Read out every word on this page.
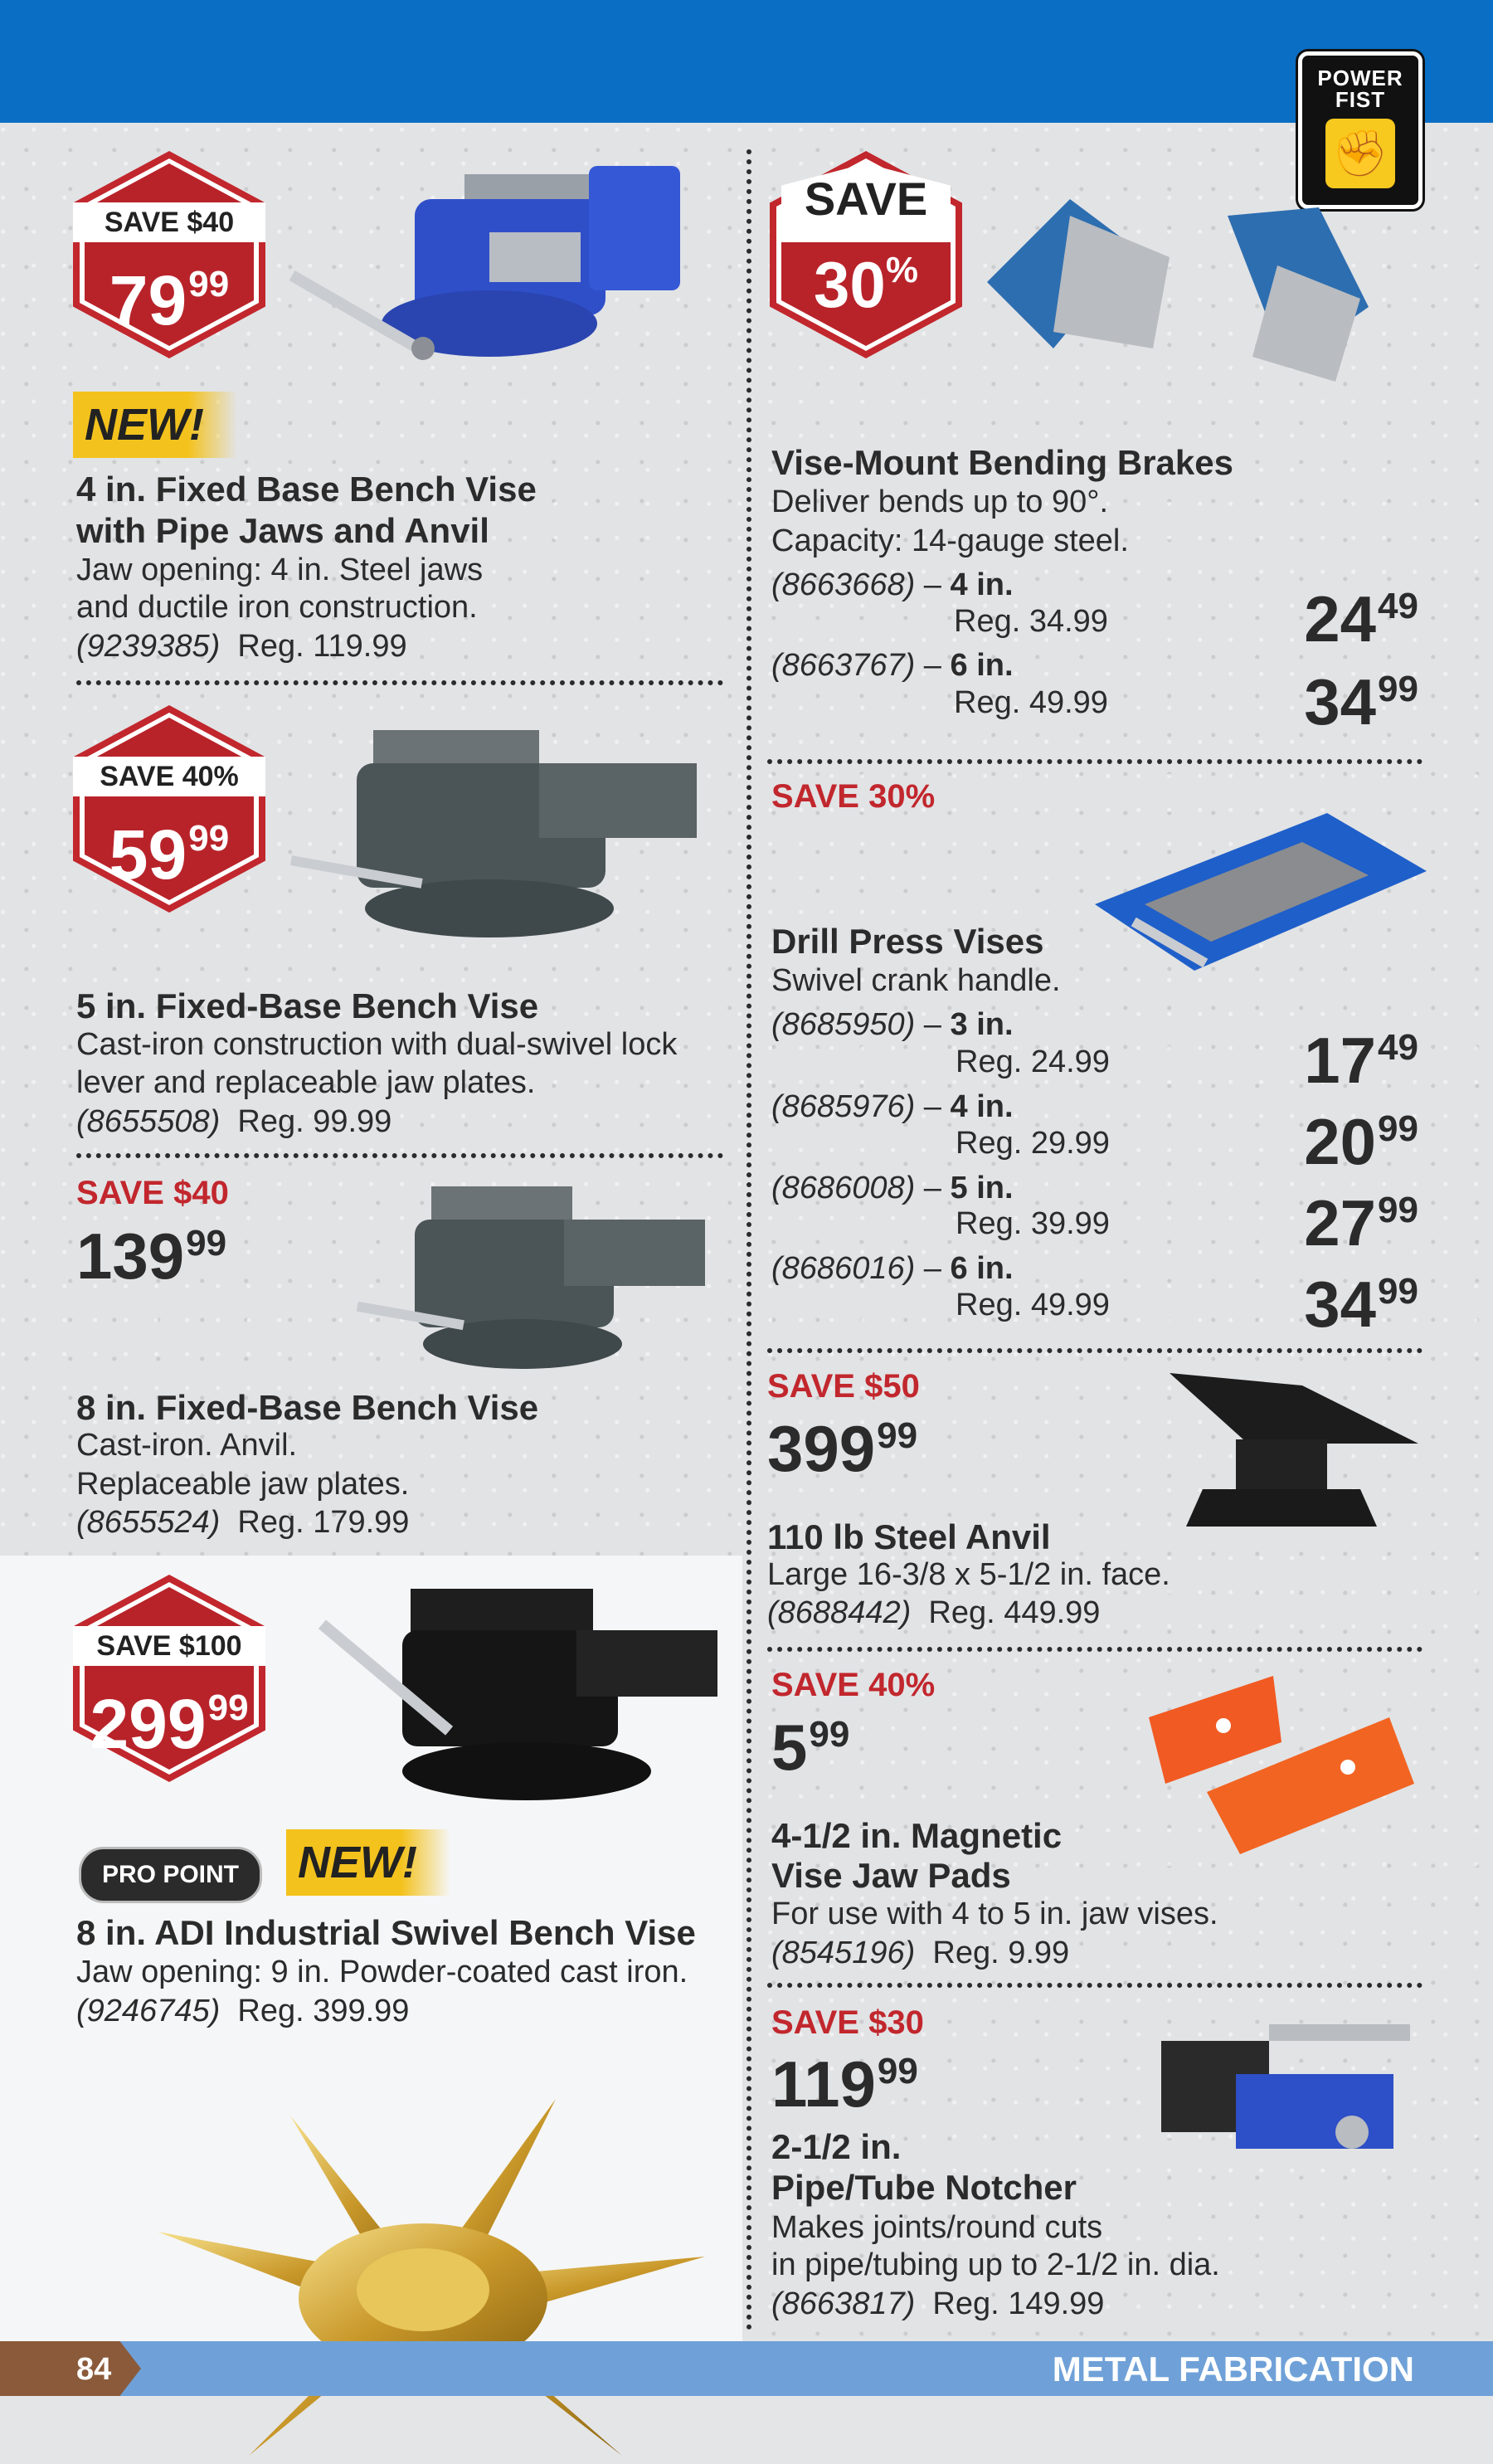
POWER
FIST
✊
SAVE $40
$79^{99}$
NEW!
4 in. Fixed Base Bench Vise
with Pipe Jaws and Anvil
Jaw opening: 4 in. Steel jaws
and ductile iron construction.
(9239385) Reg. 119.99
SAVE 40%
$59^{99}$
5 in. Fixed-Base Bench Vise
Cast-iron construction with dual-swivel lock
lever and replaceable jaw plates.
(8655508) Reg. 99.99
SAVE $40
$139^{99}$
8 in. Fixed-Base Bench Vise
Cast-iron. Anvil.
Replaceable jaw plates.
(8655524) Reg. 179.99
SAVE $100
$299^{99}$
PRO POINT	NEW!
8 in. ADI Industrial Swivel Bench Vise
Jaw opening: 9 in. Powder-coated cast iron.
(9246745) Reg. 399.99
SAVE
30%
Vise-Mount Bending Brakes
Deliver bends up to 90°.
Capacity: 14-gauge steel.
(8663668) – 4 in.
Reg. 34.99	$24^{49}$
(8663767) – 6 in.
Reg. 49.99	$34^{99}$
SAVE 30%
Drill Press Vises
Swivel crank handle.
(8685950) – 3 in.
Reg. 24.99	$17^{49}$
(8685976) – 4 in.
Reg. 29.99	$20^{99}$
(8686008) – 5 in.
Reg. 39.99	$27^{99}$
(8686016) – 6 in.
Reg. 49.99	$34^{99}$
SAVE $50
$399^{99}$
110 lb Steel Anvil
Large 16-3/8 x 5-1/2 in. face.
(8688442) Reg. 449.99
SAVE 40%
$5^{99}$
4-1/2 in. Magnetic
Vise Jaw Pads
For use with 4 to 5 in. jaw vises.
(8545196) Reg. 9.99
SAVE $30
$119^{99}$
2-1/2 in.
Pipe/Tube Notcher
Makes joints/round cuts
in pipe/tubing up to 2-1/2 in. dia.
(8663817) Reg. 149.99
84	METAL FABRICATION
